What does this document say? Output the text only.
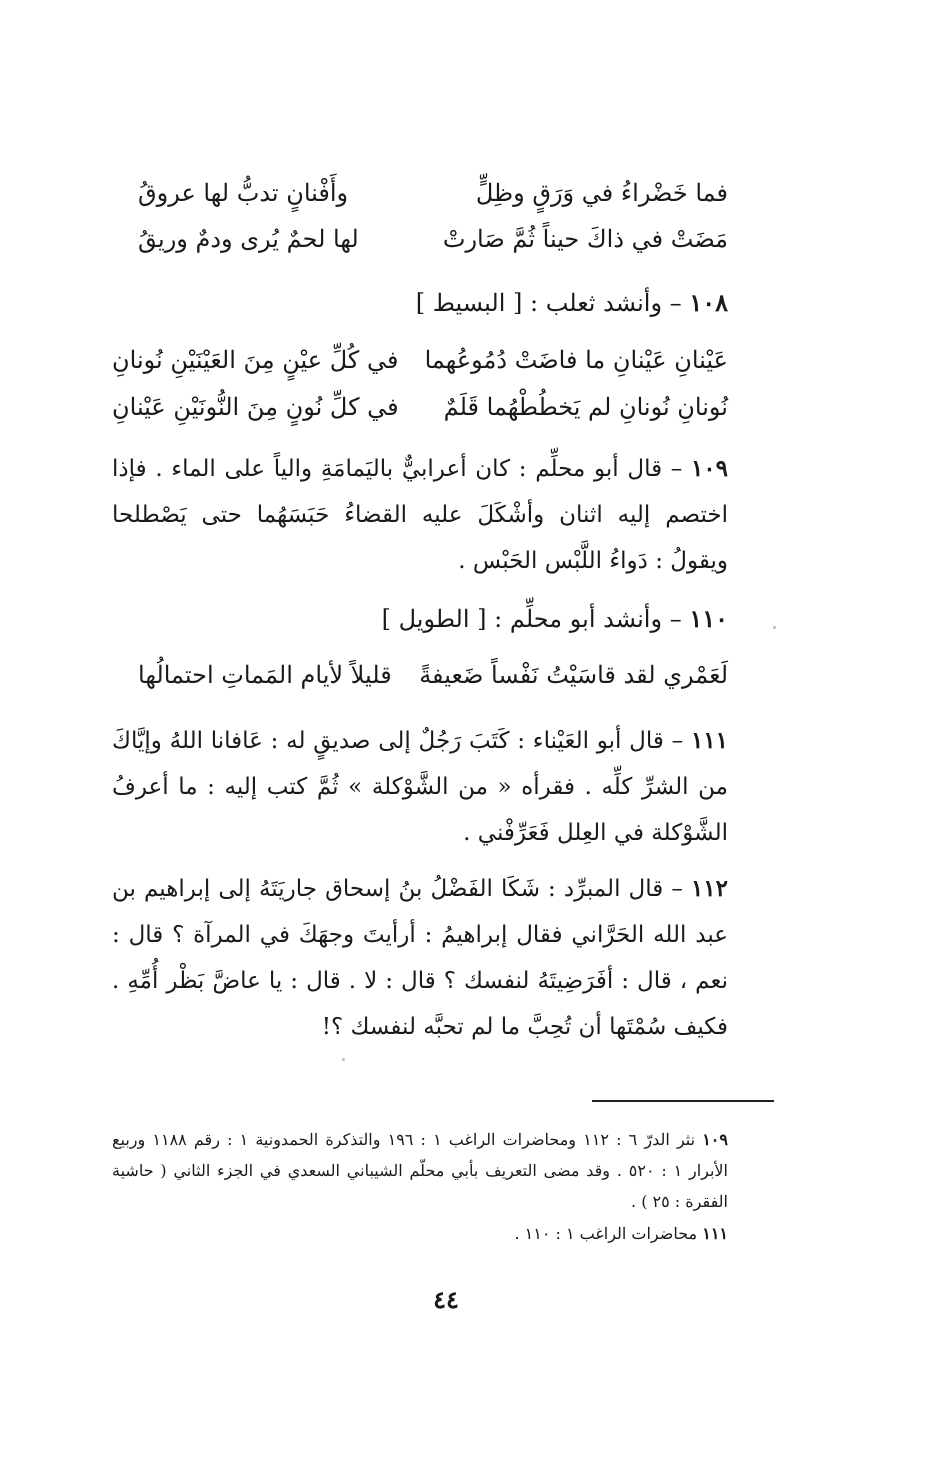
فما خَضْراءُ في وَرَقٍ وظِلٍّ
وأَفْنانٍ تدبُّ لها عروقُ
مَضَتْ في ذاكَ حيناً ثُمَّ صَارتْ
لها لحمٌ يُرى ودمٌ وريقُ
١٠٨ – وأنشد ثعلب : [ البسيط ]
عَيْنانِ عَيْنانِ ما فاضَتْ دُمُوعُهما
في كُلِّ عيْنٍ مِنَ العَيْنَيْنِ نُونانِ
نُونانِ نُونانِ لم يَخطُطْهُما قَلَمٌ
في كلِّ نُونٍ مِنَ النُّونَيْنِ عَيْنانِ
١٠٩ – قال أبو محلِّم : كان أعرابيٌّ باليَمامَةِ والياً على الماء . فإذا اختصم إليه اثنان وأشْكَلَ عليه القضاءُ حَبَسَهُما حتى يَصْطلحا ويقولُ : دَواءُ اللَّبْس الحَبْس .
١١٠ – وأنشد أبو محلِّم : [ الطويل ]
لَعَمْري لقد قاسَيْتُ نَفْساً ضَعيفةً
قليلاً لأيام المَماتِ احتمالُها
١١١ – قال أبو العَيْناء : كَتَبَ رَجُلٌ إلى صديقٍ له : عَافانا اللهُ وإيَّاكَ من الشرِّ كلِّه . فقرأه « من الشَّوْكلة » ثُمَّ كتب إليه : ما أعرفُ الشَّوْكلة في العِلل فَعَرِّفْني .
١١٢ – قال المبرِّد : شَكَا الفَضْلُ بنُ إسحاق جاريَتَهُ إلى إبراهيم بن عبد الله الحَرَّاني فقال إبراهيمُ : أرأيتَ وجهَكَ في المرآة ؟ قال : نعم ، قال : أفَرَضِيتَهُ لنفسك ؟ قال : لا . قال : يا عاضَّ بَظْر أُمِّهِ . فكيف سُمْتَها أن تُحِبَّ ما لم تحبَّه لنفسك ؟!
١٠٩ نثر الدرّ ٦ : ١١٢ ومحاضرات الراغب ١ : ١٩٦ والتذكرة الحمدونية ١ : رقم ١١٨٨ وربيع الأبرار ١ : ٥٢٠ . وقد مضى التعريف بأبي محلّم الشيباني السعدي في الجزء الثاني ( حاشية الفقرة : ٢٥ ) .
١١١ محاضرات الراغب ١ : ١١٠ .
٤٤
